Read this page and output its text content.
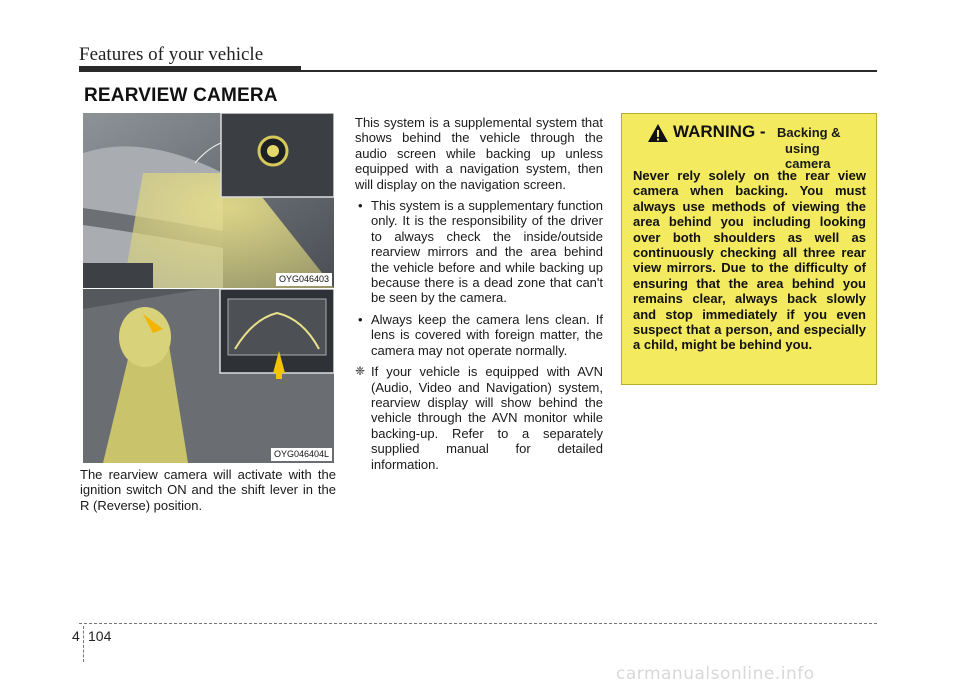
Features of your vehicle
REARVIEW CAMERA
OYG046403
OYG046404L
The rearview camera will activate with the ignition switch ON and the shift lever in the R (Reverse) position.

This system is a supplemental system that shows behind the vehicle through the audio screen while backing up unless equipped with a navigation system, then will display on the navigation screen.

• This system is a supplementary function only. It is the responsibility of the driver to always check the inside/outside rearview mirrors and the area behind the vehicle before and while backing up because there is a dead zone that can't be seen by the camera.
• Always keep the camera lens clean. If lens is covered with foreign matter, the camera may not operate normally.
❈ If your vehicle is equipped with AVN (Audio, Video and Navigation) system, rearview display will show behind the vehicle through the AVN monitor while backing-up. Refer to a separately supplied manual for detailed information.
WARNING - Backing &
using camera
Never rely solely on the rear view camera when backing. You must always use methods of viewing the area behind you including looking over both shoulders as well as continuously checking all three rear view mirrors. Due to the difficulty of ensuring that the area behind you remains clear, always back slowly and stop immediately if you even suspect that a person, and especially a child, might be behind you.
4 104
carmanualsonline.info
